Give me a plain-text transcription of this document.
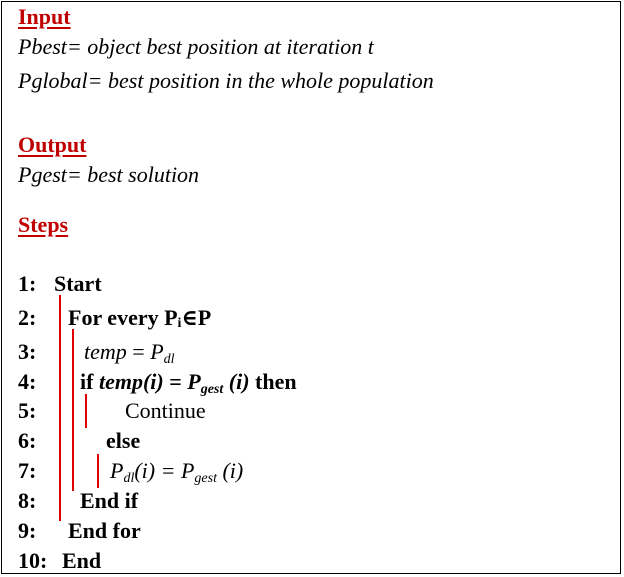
Input
Pbest= object best position at iteration t
Pglobal= best position in the whole population
Output
Pgest= best solution
Steps
1:
2:
3:
4:
5:
6:
7:
8:
9:
10:
Start
For every Pi∈P
temp = $P_{dl}$
if temp(i) = $P_{gest}$ (i) then
Continue
else
$P_{dl}(i) = P_{gest}$ (i)
End if
End for
End
